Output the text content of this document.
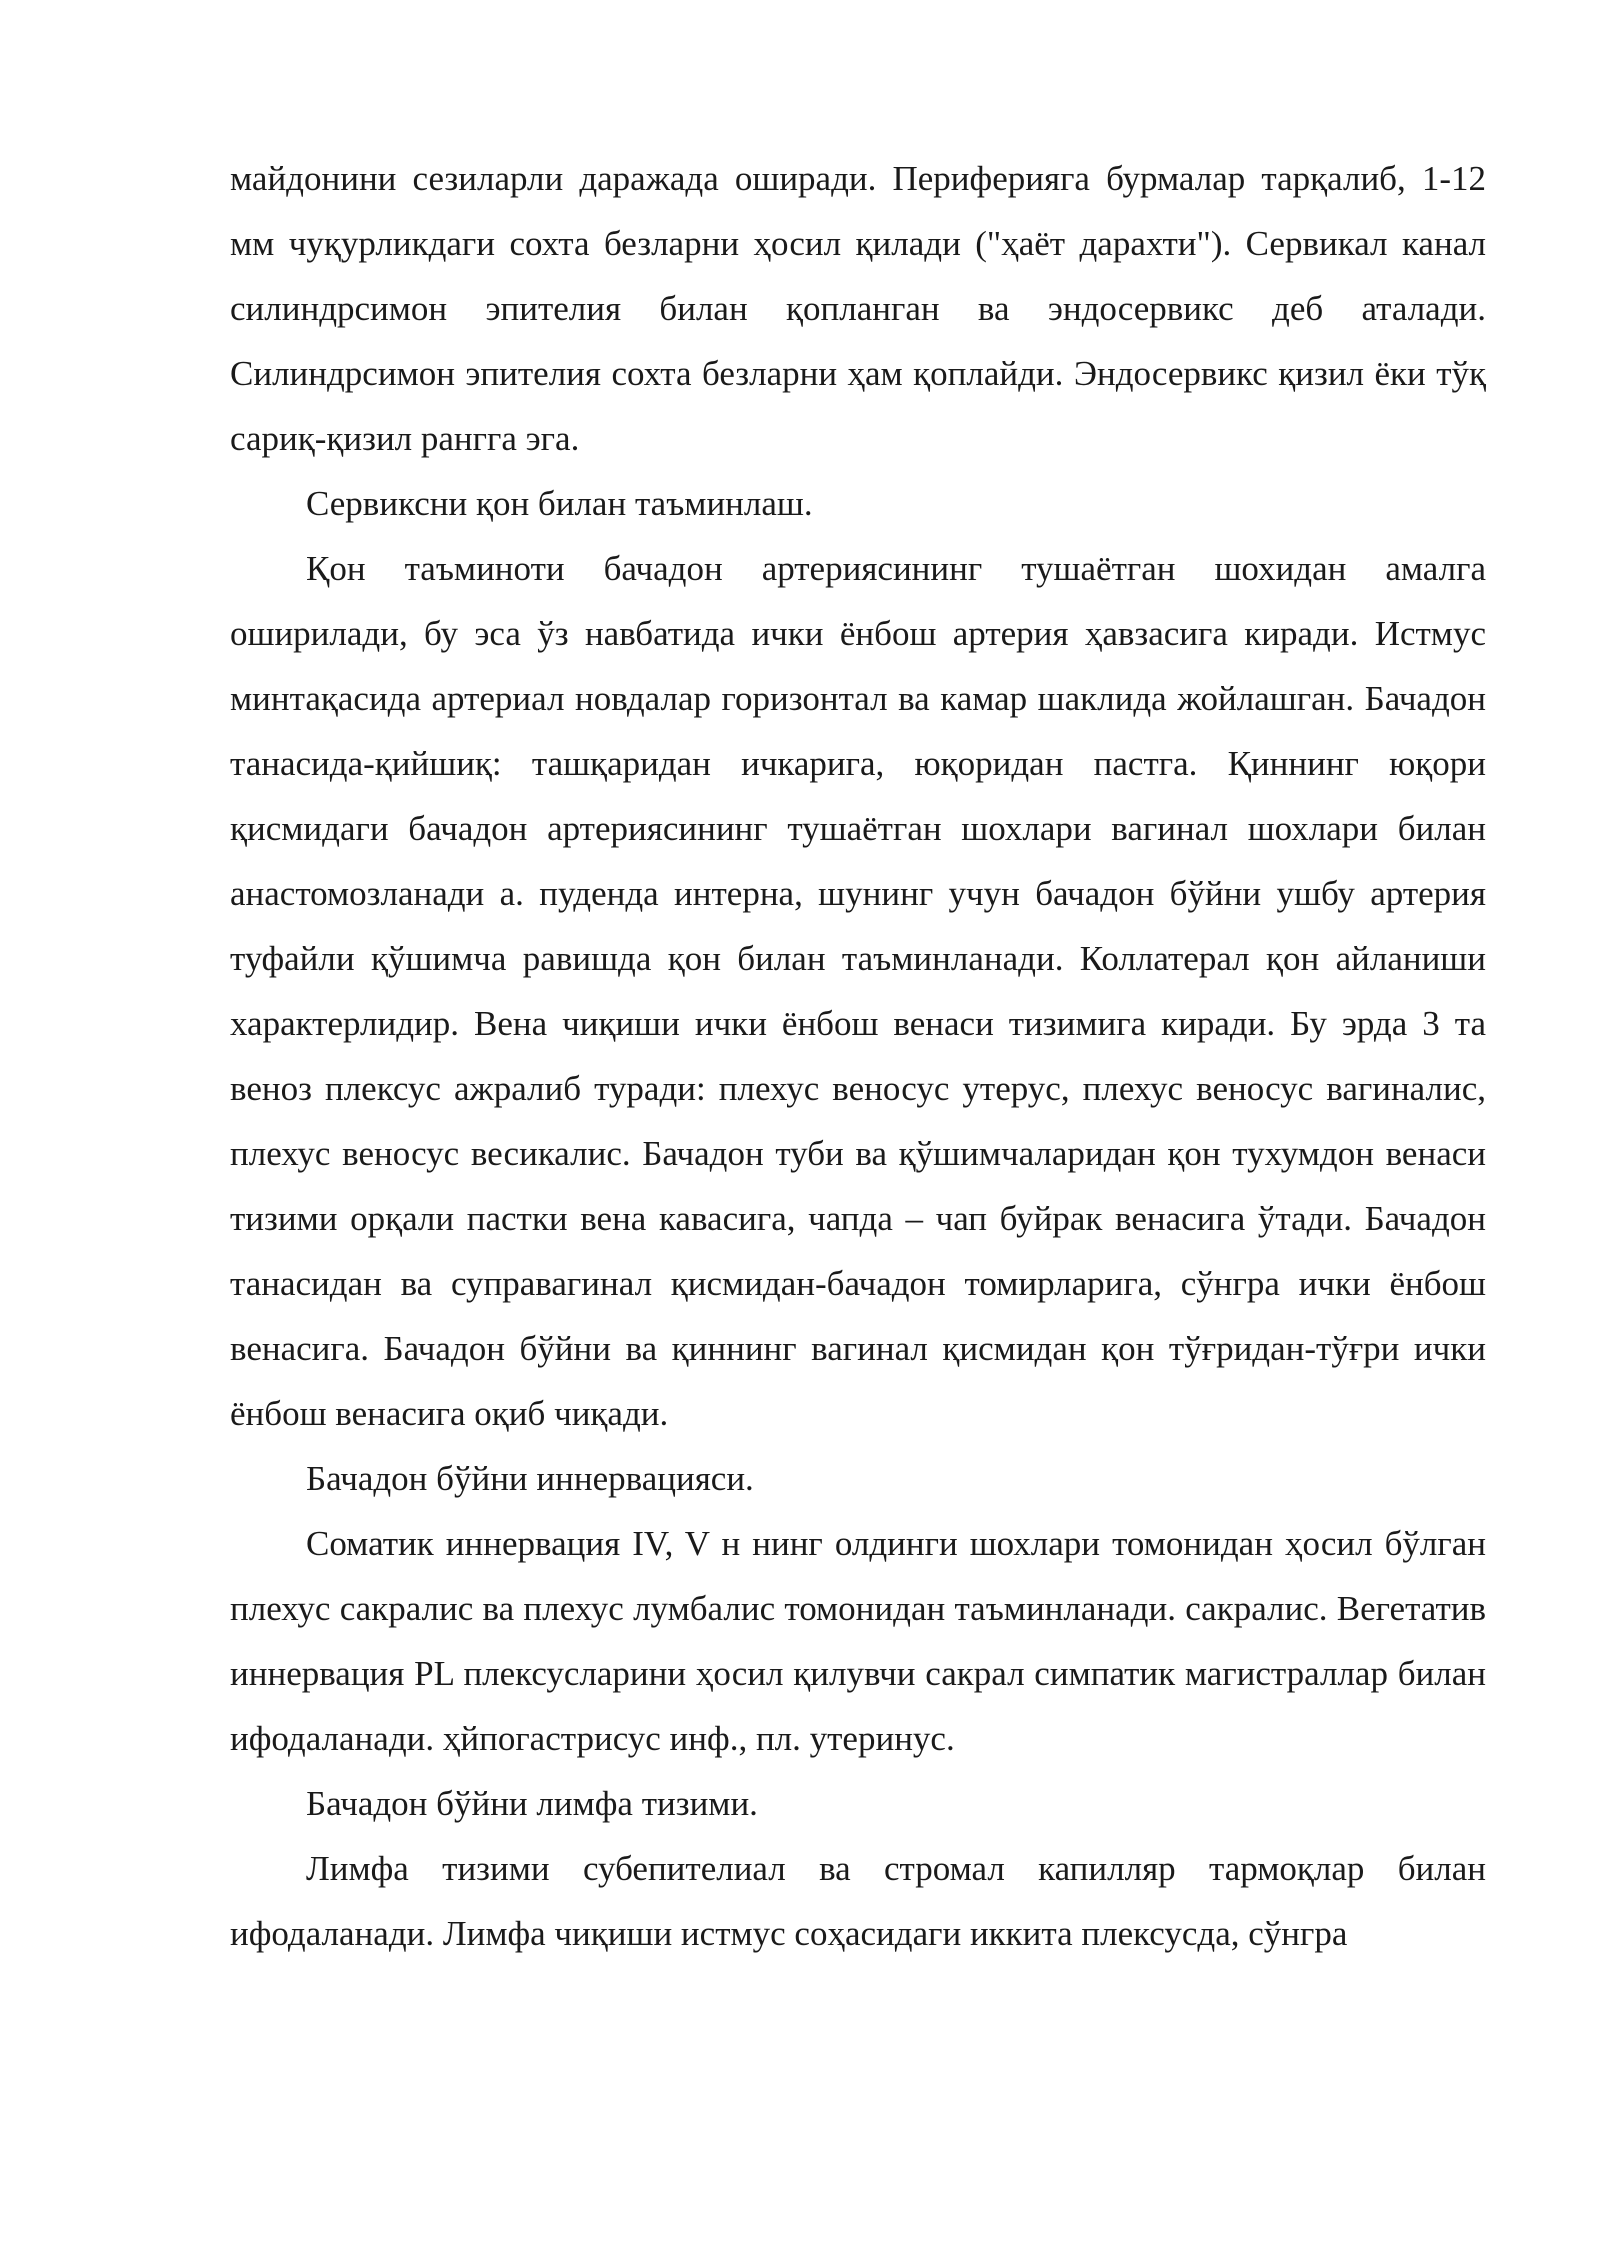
майдонини сезиларли даражада оширади. Периферияга бурмалар тарқалиб, 1-12 мм чуқурликдаги сохта безларни ҳосил қилади ("ҳаёт дарахти"). Сервикал канал силиндрсимон эпителия билан қопланган ва эндосервикс деб аталади. Силиндрсимон эпителия сохта безларни ҳам қоплайди. Эндосервикс қизил ёки тўқ сариқ-қизил рангга эга.

Сервиксни қон билан таъминлаш.

Қон таъминоти бачадон артериясининг тушаётган шохидан амалга оширилади, бу эса ўз навбатида ички ёнбош артерия ҳавзасига киради. Истмус минтақасида артериал новдалар горизонтал ва камар шаклида жойлашган. Бачадон танасида-қийшиқ: ташқаридан ичкарига, юқоридан пастга. Қиннинг юқори қисмидаги бачадон артериясининг тушаётган шохлари вагинал шохлари билан анастомозланади а. пуденда интерна, шунинг учун бачадон бўйни ушбу артерия туфайли қўшимча равишда қон билан таъминланади. Коллатерал қон айланиши характерлидир. Вена чиқиши ички ёнбош венаси тизимига киради. Бу эрда 3 та веноз плексус ажралиб туради: плехус веносус утерус, плехус веносус вагиналис, плехус веносус весикалис. Бачадон туби ва қўшимчаларидан қон тухумдон венаси тизими орқали пастки вена кавасига, чапда – чап буйрак венасига ўтади. Бачадон танасидан ва суправагинал қисмидан-бачадон томирларига, сўнгра ички ёнбош венасига. Бачадон бўйни ва қиннинг вагинал қисмидан қон тўғридан-тўғри ички ёнбош венасига оқиб чиқади.

Бачадон бўйни иннервацияси.

Соматик иннервация IV, V н нинг олдинги шохлари томонидан ҳосил бўлган плехус сакралис ва плехус лумбалис томонидан таъминланади. сакралис. Вегетатив иннервация PL плексусларини ҳосил қилувчи сакрал симпатик магистраллар билан ифодаланади. ҳйпогастрисус инф., пл. утеринус.

Бачадон бўйни лимфа тизими.

Лимфа тизими субепителиал ва стромал капилляр тармоқлар билан ифодаланади. Лимфа чиқиши истмус соҳасидаги иккита плексусда, сўнгра
